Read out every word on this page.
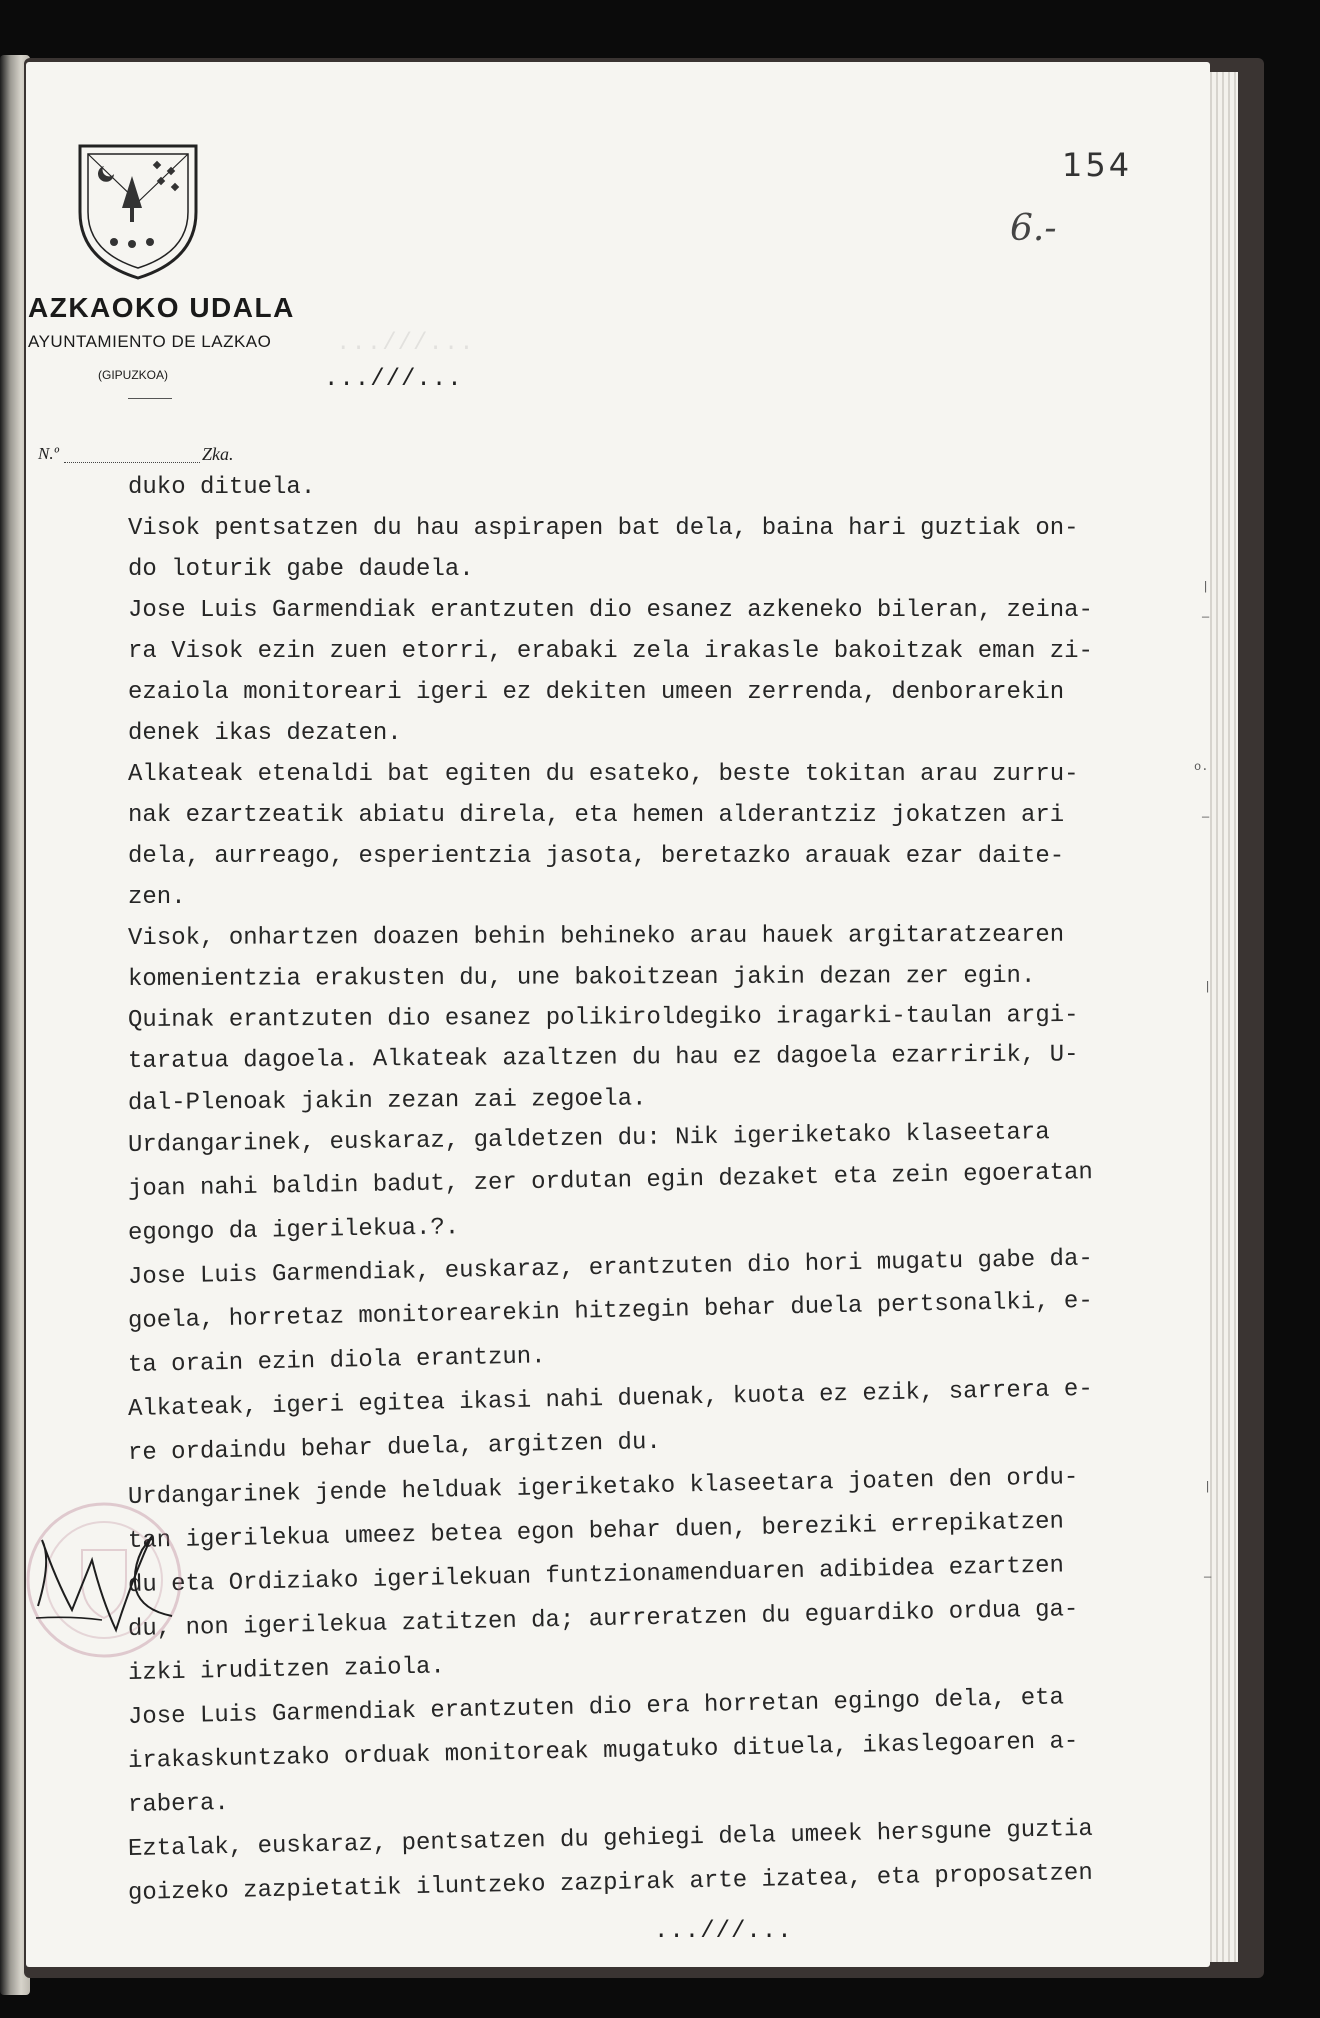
AZKAOKO UDALA
AYUNTAMIENTO DE LAZKAO
(GIPUZKOA)
...///...
...///...
N.º	Zka.
154
6.-
duko dituela.
Visok pentsatzen du hau aspirapen bat dela, baina hari guztiak on-
do loturik gabe daudela.
Jose Luis Garmendiak erantzuten dio esanez azkeneko bileran, zeina-
ra Visok ezin zuen etorri, erabaki zela irakasle bakoitzak eman zi-
ezaiola monitoreari igeri ez dekiten umeen zerrenda, denborarekin
denek ikas dezaten.
Alkateak etenaldi bat egiten du esateko, beste tokitan arau zurru-
nak ezartzeatik abiatu direla, eta hemen alderantziz jokatzen ari
dela, aurreago, esperientzia jasota, beretazko arauak ezar daite-
zen.
Visok, onhartzen doazen behin behineko arau hauek argitaratzearen
komenientzia erakusten du, une bakoitzean jakin dezan zer egin.
Quinak erantzuten dio esanez polikiroldegiko iragarki-taulan argi-
taratua dagoela. Alkateak azaltzen du hau ez dagoela ezarririk, U-
dal-Plenoak jakin zezan zai zegoela.
Urdangarinek, euskaraz, galdetzen du: Nik igeriketako klaseetara
joan nahi baldin badut, zer ordutan egin dezaket eta zein egoeratan
egongo da igerilekua.?.
Jose Luis Garmendiak, euskaraz, erantzuten dio hori mugatu gabe da-
goela, horretaz monitorearekin hitzegin behar duela pertsonalki, e-
ta orain ezin diola erantzun.
Alkateak, igeri egitea ikasi nahi duenak, kuota ez ezik, sarrera e-
re ordaindu behar duela, argitzen du.
Urdangarinek jende helduak igeriketako klaseetara joaten den ordu-
tan igerilekua umeez betea egon behar duen, bereziki errepikatzen
du eta Ordiziako igerilekuan funtzionamenduaren adibidea ezartzen
du, non igerilekua zatitzen da; aurreratzen du eguardiko ordua ga-
izki iruditzen zaiola.
Jose Luis Garmendiak erantzuten dio era horretan egingo dela, eta
irakaskuntzako orduak monitoreak mugatuko dituela, ikaslegoaren a-
rabera.
Eztalak, euskaraz, pentsatzen du gehiegi dela umeek hersgune guztia
goizeko zazpietatik iluntzeko zazpirak arte izatea, eta proposatzen
|
—
o.
—
|
|
—
...///...
